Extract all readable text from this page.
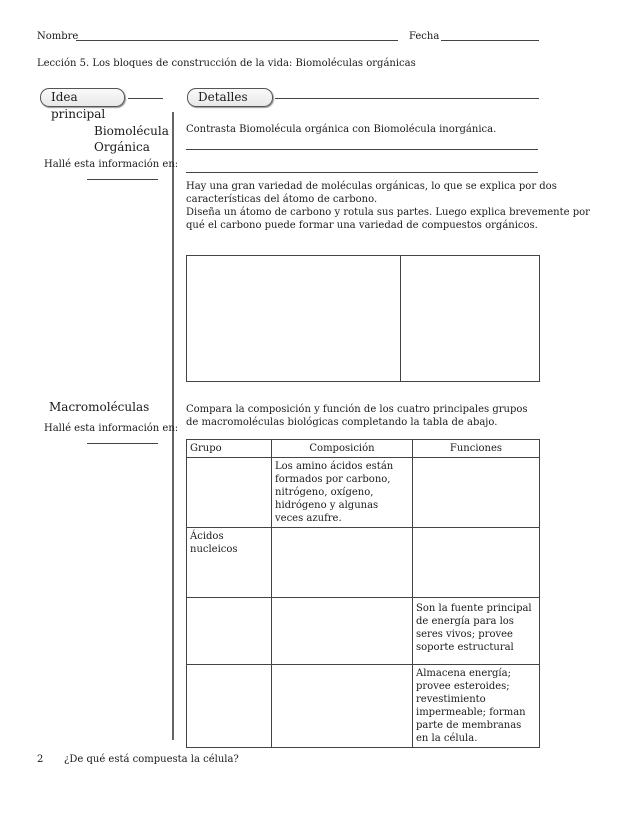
Nombre	Fecha
Lección 5. Los bloques de construcción de la vida: Biomoléculas orgánicas
Idea principal
Detalles
Biomolécula
Orgánica
Hallé esta información en:
Contrasta Biomolécula orgánica con Biomolécula inorgánica.
Hay una gran variedad de moléculas orgánicas, lo que se explica por dos
características del átomo de carbono.
Diseña un átomo de carbono y rotula sus partes. Luego explica brevemente por
qué el carbono puede formar una variedad de compuestos orgánicos.
Macromoléculas
Hallé esta información en:
Compara la composición y función de los cuatro principales grupos
de macromoléculas biológicas completando la tabla de abajo.
Grupo	Composición	Funciones
	Los amino ácidos están formados por carbono, nitrógeno, oxígeno, hidrógeno y algunas veces azufre.	
Ácidos nucleicos		
		Son la fuente principal de energía para los seres vivos; provee soporte estructural
		Almacena energía; provee esteroides; revestimiento impermeable; forman parte de membranas en la célula.
2 ¿De qué está compuesta la célula?
